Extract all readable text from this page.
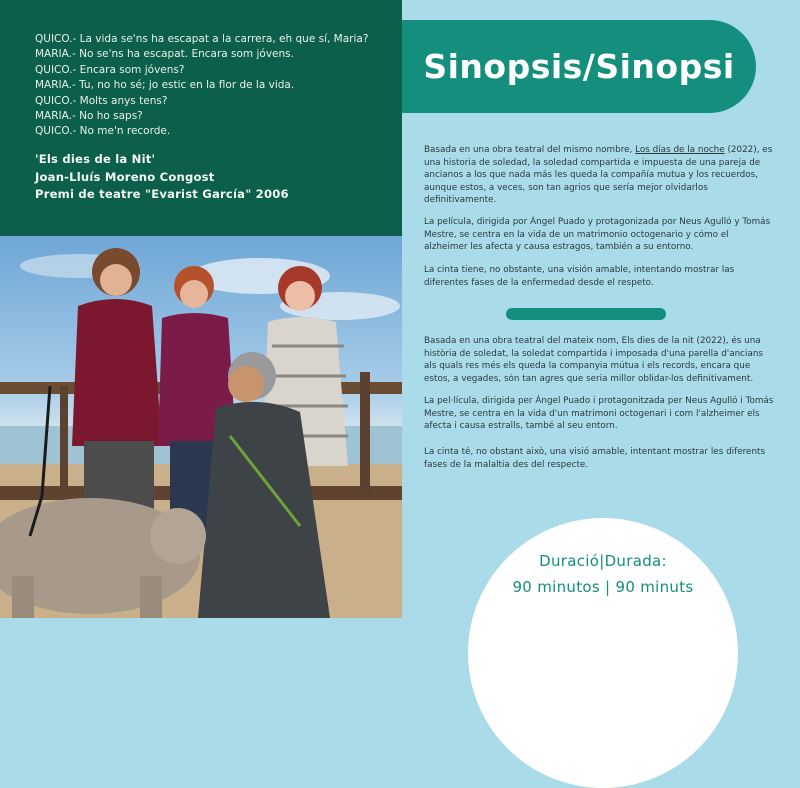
QUICO.- La vida se'ns ha escapat a la carrera, eh que sí, Maria?
MARIA.- No se'ns ha escapat. Encara som jóvens.
QUICO.- Encara som jóvens?
MARIA.- Tu, no ho sé; jo estic en la flor de la vida.
QUICO.- Molts anys tens?
MARIA.- No ho saps?
QUICO.- No me'n recorde.
'Els dies de la Nit'
Joan-Lluís Moreno Congost
Premi de teatre "Evarist García" 2006
Sinopsis/Sinopsi

Basada en una obra teatral del mismo nombre, Los días de la noche (2022), es una historia de soledad, la soledad compartida e impuesta de una pareja de ancianos a los que nada más les queda la compañía mutua y los recuerdos, aunque estos, a veces, son tan agrios que sería mejor olvidarlos definitivamente.

La película, dirigida por Ángel Puado y protagonizada por Neus Agulló y Tomás Mestre, se centra en la vida de un matrimonio octogenario y cómo el alzheimer les afecta y causa estragos, también a su entorno.

La cinta tiene, no obstante, una visión amable, intentando mostrar las diferentes fases de la enfermedad desde el respeto.

Basada en una obra teatral del mateix nom, Els dies de la nit (2022), és una història de soledat, la soledat compartida i imposada d'una parella d'ancians als quals res més els queda la companyia mútua i els records, encara que estos, a vegades, són tan agres que seria millor oblidar-los definitivament.

La pel·lícula, dirigida per Ángel Puado i protagonitzada per Neus Agulló i Tomás Mestre, se centra en la vida d'un matrimoni octogenari i com l'alzheimer els afecta i causa estralls, també al seu entorn.

La cinta té, no obstant això, una visió amable, intentant mostrar les diferents fases de la malaltia des del respecte.

Duració|Durada:
90 minutos | 90 minuts
